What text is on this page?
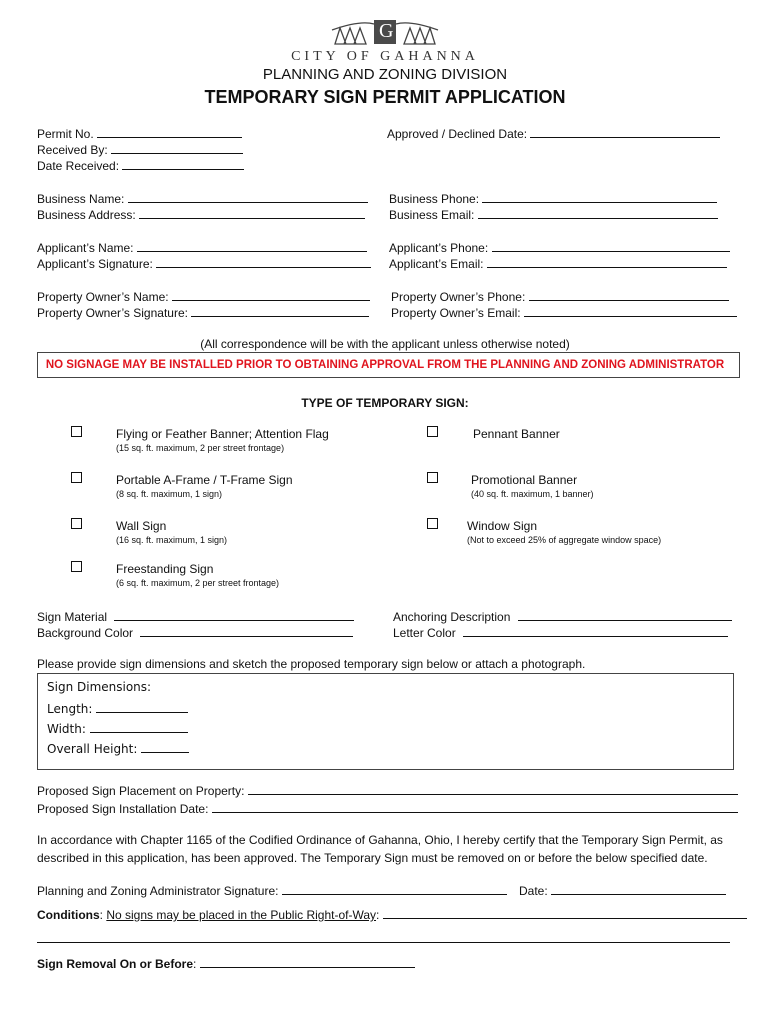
G
CITY OF GAHANNA
PLANNING AND ZONING DIVISION
TEMPORARY SIGN PERMIT APPLICATION
Permit No.
Received By:
Date Received:
Approved / Declined Date:
Business Name:
Business Address:
Business Phone:
Business Email:
Applicant’s Name:
Applicant’s Signature:
Applicant’s Phone:
Applicant’s Email:
Property Owner’s Name:
Property Owner’s Signature:
Property Owner’s Phone:
Property Owner’s Email:
(All correspondence will be with the applicant unless otherwise noted)
NO SIGNAGE MAY BE INSTALLED PRIOR TO OBTAINING APPROVAL FROM THE PLANNING AND ZONING ADMINISTRATOR
TYPE OF TEMPORARY SIGN:
Flying or Feather Banner; Attention Flag
(15 sq. ft. maximum, 2 per street frontage)
Pennant Banner
Portable A-Frame / T-Frame Sign
(8 sq. ft. maximum, 1 sign)
Promotional Banner
(40 sq. ft. maximum, 1 banner)
Wall Sign
(16 sq. ft. maximum, 1 sign)
Window Sign
(Not to exceed 25% of aggregate window space)
Freestanding Sign
(6 sq. ft. maximum, 2 per street frontage)
Sign Material
Background Color
Anchoring Description
Letter Color
Please provide sign dimensions and sketch the proposed temporary sign below or attach a photograph.
Sign Dimensions:
Length:
Width:
Overall Height:
Proposed Sign Placement on Property:
Proposed Sign Installation Date:
In accordance with Chapter 1165 of the Codified Ordinance of Gahanna, Ohio, I hereby certify that the Temporary Sign Permit, as
described in this application, has been approved. The Temporary Sign must be removed on or before the below specified date.
Planning and Zoning Administrator Signature:	Date:
Conditions: No signs may be placed in the Public Right-of-Way:
Sign Removal On or Before:
